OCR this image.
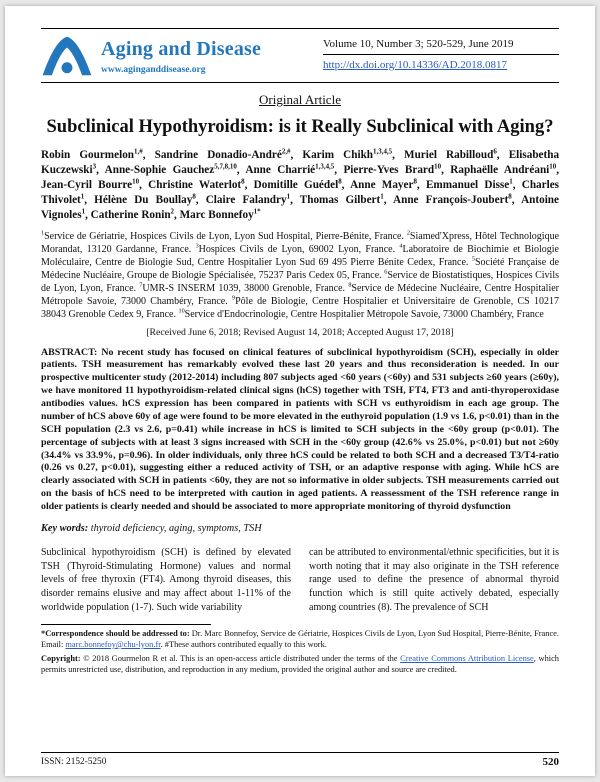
Aging and Disease
www.aginganddisease.org
Volume 10, Number 3; 520-529, June 2019
http://dx.doi.org/10.14336/AD.2018.0817
Original Article
Subclinical Hypothyroidism: is it Really Subclinical with Aging?

Robin Gourmelon$^{1,\#}$, Sandrine Donadio-André$^{2,\#}$, Karim Chikh$^{1,3,4,5}$, Muriel Rabilloud$^6$, Elisabetha Kuczewski$^3$, Anne-Sophie Gauchez$^{5,7,8,10}$, Anne Charrié$^{1,3,4,5}$, Pierre-Yves Brard$^{10}$, Raphaëlle Andréani$^{10}$, Jean-Cyril Bourre$^{10}$, Christine Waterlot$^8$, Domitille Guédel$^8$, Anne Mayer$^8$, Emmanuel Disse$^1$, Charles Thivolet$^1$, Hélène Du Boullay$^8$, Claire Falandry$^1$, Thomas Gilbert$^1$, Anne François-Joubert$^8$, Antoine Vignoles$^1$, Catherine Ronin$^2$, Marc Bonnefoy$^{1*}$

$^1$Service de Gériatrie, Hospices Civils de Lyon, Lyon Sud Hospital, Pierre-Bénite, France. $^2$Siamed'Xpress, Hôtel Technologique Morandat, 13120 Gardanne, France. $^3$Hospices Civils de Lyon, 69002 Lyon, France. $^4$Laboratoire de Biochimie et Biologie Moléculaire, Centre de Biologie Sud, Centre Hospitalier Lyon Sud 69 495 Pierre Bénite Cedex, France. $^5$Société Française de Médecine Nucléaire, Groupe de Biologie Spécialisée, 75237 Paris Cedex 05, France. $^6$Service de Biostatistiques, Hospices Civils de Lyon, Lyon, France. $^7$UMR-S INSERM 1039, 38000 Grenoble, France. $^8$Service de Médecine Nucléaire, Centre Hospitalier Métropole Savoie, 73000 Chambéry, France. $^9$Pôle de Biologie, Centre Hospitalier et Universitaire de Grenoble, CS 10217 38043 Grenoble Cedex 9, France. $^{10}$Service d'Endocrinologie, Centre Hospitalier Métropole Savoie, 73000 Chambéry, France

[Received June 6, 2018; Revised August 14, 2018; Accepted August 17, 2018]

ABSTRACT: No recent study has focused on clinical features of subclinical hypothyroidism (SCH), especially in older patients. TSH measurement has remarkably evolved these last 20 years and thus reconsideration is needed. In our prospective multicenter study (2012-2014) including 807 subjects aged <60 years (<60y) and 531 subjects ≥60 years (≥60y), we have monitored 11 hypothyroidism-related clinical signs (hCS) together with TSH, FT4, FT3 and anti-thyroperoxidase antibodies values. hCS expression has been compared in patients with SCH vs euthyroidism in each age group. The number of hCS above 60y of age were found to be more elevated in the euthyroid population (1.9 vs 1.6, p<0.01) than in the SCH population (2.3 vs 2.6, p=0.41) while increase in hCS is limited to SCH subjects in the <60y group (p<0.01). The percentage of subjects with at least 3 signs increased with SCH in the <60y group (42.6% vs 25.0%, p<0.01) but not ≥60y (34.4% vs 33.9%, p=0.96). In older individuals, only three hCS could be related to both SCH and a decreased T3/T4-ratio (0.26 vs 0.27, p<0.01), suggesting either a reduced activity of TSH, or an adaptive response with aging. While hCS are clearly associated with SCH in patients <60y, they are not so informative in older subjects. TSH measurements carried out on the basis of hCS need to be interpreted with caution in aged patients. A reassessment of the TSH reference range in older patients is clearly needed and should be associated to more appropriate monitoring of thyroid dysfunction

Key words: thyroid deficiency, aging, symptoms, TSH

Subclinical hypothyroidism (SCH) is defined by elevated TSH (Thyroid-Stimulating Hormone) values and normal levels of free thyroxin (FT4). Among thyroid diseases, this disorder remains elusive and may affect about 1-11% of the worldwide population (1-7). Such wide variability

can be attributed to environmental/ethnic specificities, but it is worth noting that it may also originate in the TSH reference range used to define the presence of abnormal thyroid function which is still quite actively debated, especially among countries (8). The prevalence of SCH

*Correspondence should be addressed to: Dr. Marc Bonnefoy, Service de Gériatrie, Hospices Civils de Lyon, Lyon Sud Hospital, Pierre-Bénite, France. Email: marc.bonnefoy@chu-lyon.fr. #These authors contributed equally to this work.

Copyright: © 2018 Gourmelon R et al. This is an open-access article distributed under the terms of the Creative Commons Attribution License, which permits unrestricted use, distribution, and reproduction in any medium, provided the original author and source are credited.

ISSN: 2152-5250	520
